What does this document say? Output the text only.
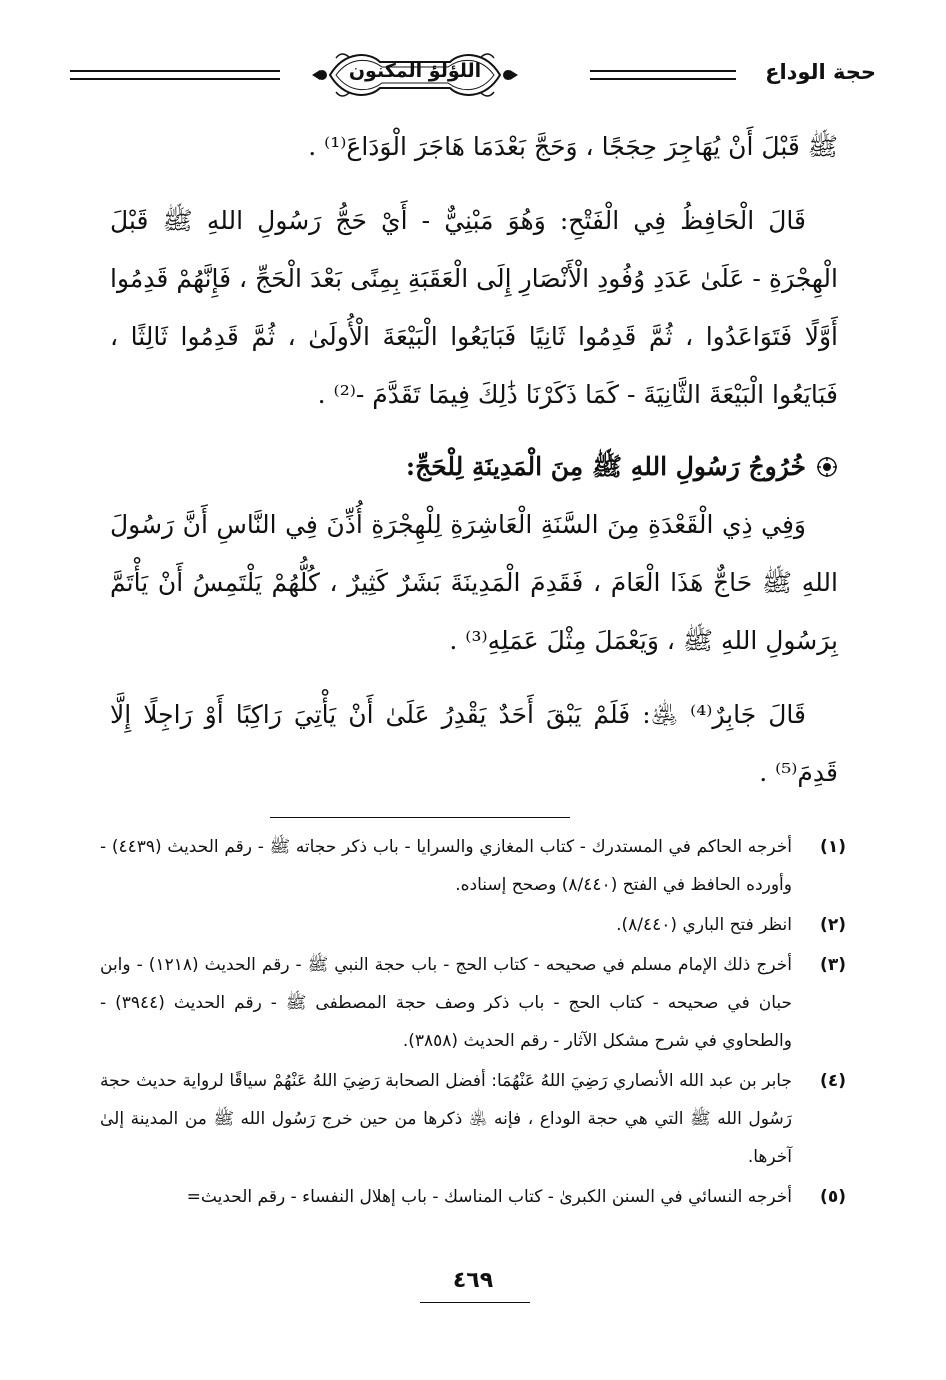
اللؤلؤ المكنون	حجة الوداع

ﷺ قَبْلَ أَنْ يُهَاجِرَ حِجَجًا ، وَحَجَّ بَعْدَمَا هَاجَرَ الْوَدَاعَ⁽¹⁾ .

قَالَ الْحَافِظُ فِي الْفَتْحِ: وَهُوَ مَبْنِيٌّ - أَيْ حَجُّ رَسُولِ اللهِ ﷺ قَبْلَ الْهِجْرَةِ - عَلَىٰ عَدَدِ وُفُودِ الْأَنْصَارِ إِلَى الْعَقَبَةِ بِمِنًى بَعْدَ الْحَجِّ ، فَإِنَّهُمْ قَدِمُوا أَوَّلًا فَتَوَاعَدُوا ، ثُمَّ قَدِمُوا ثَانِيًا فَبَايَعُوا الْبَيْعَةَ الْأُولَىٰ ، ثُمَّ قَدِمُوا ثَالِثًا ، فَبَايَعُوا الْبَيْعَةَ الثَّانِيَةَ - كَمَا ذَكَرْنَا ذَٰلِكَ فِيمَا تَقَدَّمَ -⁽²⁾ .

خُرُوجُ رَسُولِ اللهِ ﷺ مِنَ الْمَدِينَةِ لِلْحَجِّ:

وَفِي ذِي الْقَعْدَةِ مِنَ السَّنَةِ الْعَاشِرَةِ لِلْهِجْرَةِ أُذِّنَ فِي النَّاسِ أَنَّ رَسُولَ اللهِ ﷺ حَاجٌّ هَذَا الْعَامَ ، فَقَدِمَ الْمَدِينَةَ بَشَرٌ كَثِيرٌ ، كُلُّهُمْ يَلْتَمِسُ أَنْ يَأْتَمَّ بِرَسُولِ اللهِ ﷺ ، وَيَعْمَلَ مِثْلَ عَمَلِهِ⁽³⁾ .

قَالَ جَابِرٌ⁽⁴⁾ ﵁: فَلَمْ يَبْقَ أَحَدٌ يَقْدِرُ عَلَىٰ أَنْ يَأْتِيَ رَاكِبًا أَوْ رَاجِلًا إِلَّا قَدِمَ⁽⁵⁾ .

(١)
أخرجه الحاكم في المستدرك - كتاب المغازي والسرايا - باب ذكر حجاته ﷺ - رقم الحديث (٤٤٣٩) - وأورده الحافظ في الفتح (٨/٤٤٠) وصحح إسناده.
(٢)
انظر فتح الباري (٨/٤٤٠).
(٣)
أخرج ذلك الإمام مسلم في صحيحه - كتاب الحج - باب حجة النبي ﷺ - رقم الحديث (١٢١٨) - وابن حبان في صحيحه - كتاب الحج - باب ذكر وصف حجة المصطفى ﷺ - رقم الحديث (٣٩٤٤) - والطحاوي في شرح مشكل الآثار - رقم الحديث (٣٨٥٨).
(٤)
جابر بن عبد الله الأنصاري رَضِيَ اللهُ عَنْهُمَا: أفضل الصحابة رَضِيَ اللهُ عَنْهُمْ سياقًا لرواية حديث حجة رَسُول الله ﷺ التي هي حجة الوداع ، فإنه ﵁ ذكرها من حين خرج رَسُول الله ﷺ من المدينة إلىٰ آخرها.
(٥)
أخرجه النسائي في السنن الكبرىٰ - كتاب المناسك - باب إهلال النفساء - رقم الحديث=
٤٦٩
